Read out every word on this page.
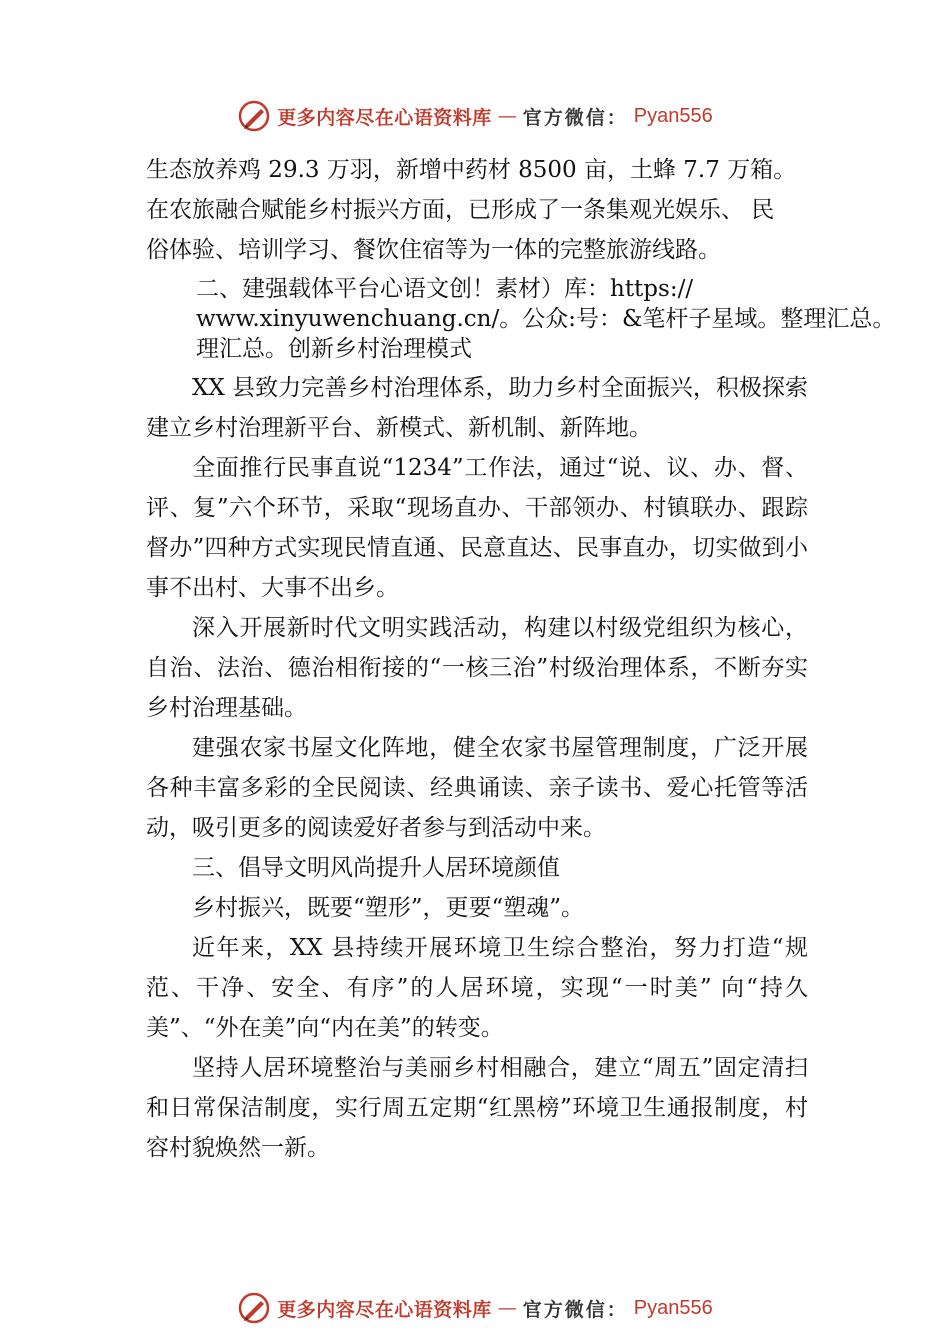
更多内容尽在心语资料库 — 官方微信： Pyan556

生态放养鸡 29.3 万羽，新增中药材 8500 亩，土蜂 7.7 万箱。

在农旅融合赋能乡村振兴方面，已形成了一条集观光娱乐、 民

俗体验、培训学习、餐饮住宿等为一体的完整旅游线路。

二、建强载体平台心语文创！素材）库：https://
www.xinyuwenchuang.cn/。公众:号：&笔杆子星域。整理汇总。
理汇总。创新乡村治理模式

XX 县致力完善乡村治理体系，助力乡村全面振兴，积极探索建立乡村治理新平台、新模式、新机制、新阵地。

全面推行民事直说“1234”工作法，通过“说、议、办、督、评、复”六个环节，采取“现场直办、干部领办、村镇联办、跟踪督办”四种方式实现民情直通、民意直达、民事直办，切实做到小事不出村、大事不出乡。

深入开展新时代文明实践活动，构建以村级党组织为核心，自治、法治、德治相衔接的“一核三治”村级治理体系，不断夯实乡村治理基础。

建强农家书屋文化阵地，健全农家书屋管理制度，广泛开展各种丰富多彩的全民阅读、经典诵读、亲子读书、爱心托管等活动，吸引更多的阅读爱好者参与到活动中来。

三、倡导文明风尚提升人居环境颜值

乡村振兴，既要“塑形”，更要“塑魂”。

近年来，XX 县持续开展环境卫生综合整治，努力打造“规范、干净、安全、有序”的人居环境，实现“一时美” 向“持久美”、“外在美”向“内在美”的转变。

坚持人居环境整治与美丽乡村相融合，建立“周五”固定清扫和日常保洁制度，实行周五定期“红黑榜”环境卫生通报制度，村容村貌焕然一新。

更多内容尽在心语资料库 — 官方微信： Pyan556
